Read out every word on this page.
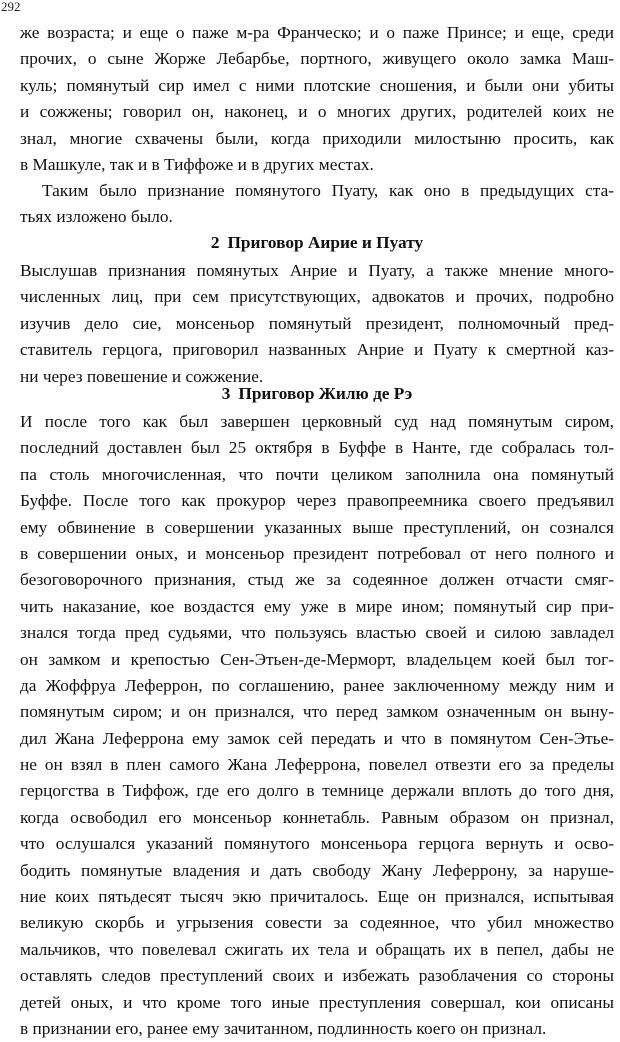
292
же возраста; и еще о паже м-ра Франческо; и о паже Принсе; и еще, среди
прочих, о сыне Жорже Лебарбье, портного, живущего около замка Маш-
куль; помянутый сир имел с ними плотские сношения, и были они убиты
и сожжены; говорил он, наконец, и о многих других, родителей коих не
знал, многие схвачены были, когда приходили милостыню просить, как
в Машкуле, так и в Тиффоже и в других местах.
Таким было признание помянутого Пуату, как оно в предыдущих ста-
тьях изложено было.
2 Приговор Аирие и Пуату
Выслушав признания помянутых Анрие и Пуату, а также мнение много-
численных лиц, при сем присутствующих, адвокатов и прочих, подробно
изучив дело сие, монсеньор помянутый президент, полномочный пред-
ставитель герцога, приговорил названных Анрие и Пуату к смертной каз-
ни через повешение и сожжение.
3 Приговор Жилю де Рэ
И после того как был завершен церковный суд над помянутым сиром,
последний доставлен был 25 октября в Буффе в Нанте, где собралась тол-
па столь многочисленная, что почти целиком заполнила она помянутый
Буффе. После того как прокурор через правопреемника своего предъявил
ему обвинение в совершении указанных выше преступлений, он сознался
в совершении оных, и монсеньор президент потребовал от него полного и
безоговорочного признания, стыд же за содеянное должен отчасти смяг-
чить наказание, кое воздастся ему уже в мире ином; помянутый сир при-
знался тогда пред судьями, что пользуясь властью своей и силою завладел
он замком и крепостью Сен-Этьен-де-Мерморт, владельцем коей был тог-
да Жоффруа Леферрон, по соглашению, ранее заключенному между ним и
помянутым сиром; и он признался, что перед замком означенным он выну-
дил Жана Леферрона ему замок сей передать и что в помянутом Сен-Этье-
не он взял в плен самого Жана Леферрона, повелел отвезти его за пределы
герцогства в Тиффож, где его долго в темнице держали вплоть до того дня,
когда освободил его монсеньор коннетабль. Равным образом он признал,
что ослушался указаний помянутого монсеньора герцога вернуть и освo-
бодить помянутые владения и дать свободу Жану Леферрону, за наруше-
ние коих пятьдесят тысяч экю причиталось. Еще он признался, испытывая
великую скорбь и угрызения совести за содеянное, что убил множество
мальчиков, что повелевал сжигать их тела и обращать их в пепел, дабы не
оставлять следов преступлений своих и избежать разоблачения со стороны
детей оных, и что кроме того иные преступления совершал, кои описаны
в признании его, ранее ему зачитанном, подлинность коего он признал.
